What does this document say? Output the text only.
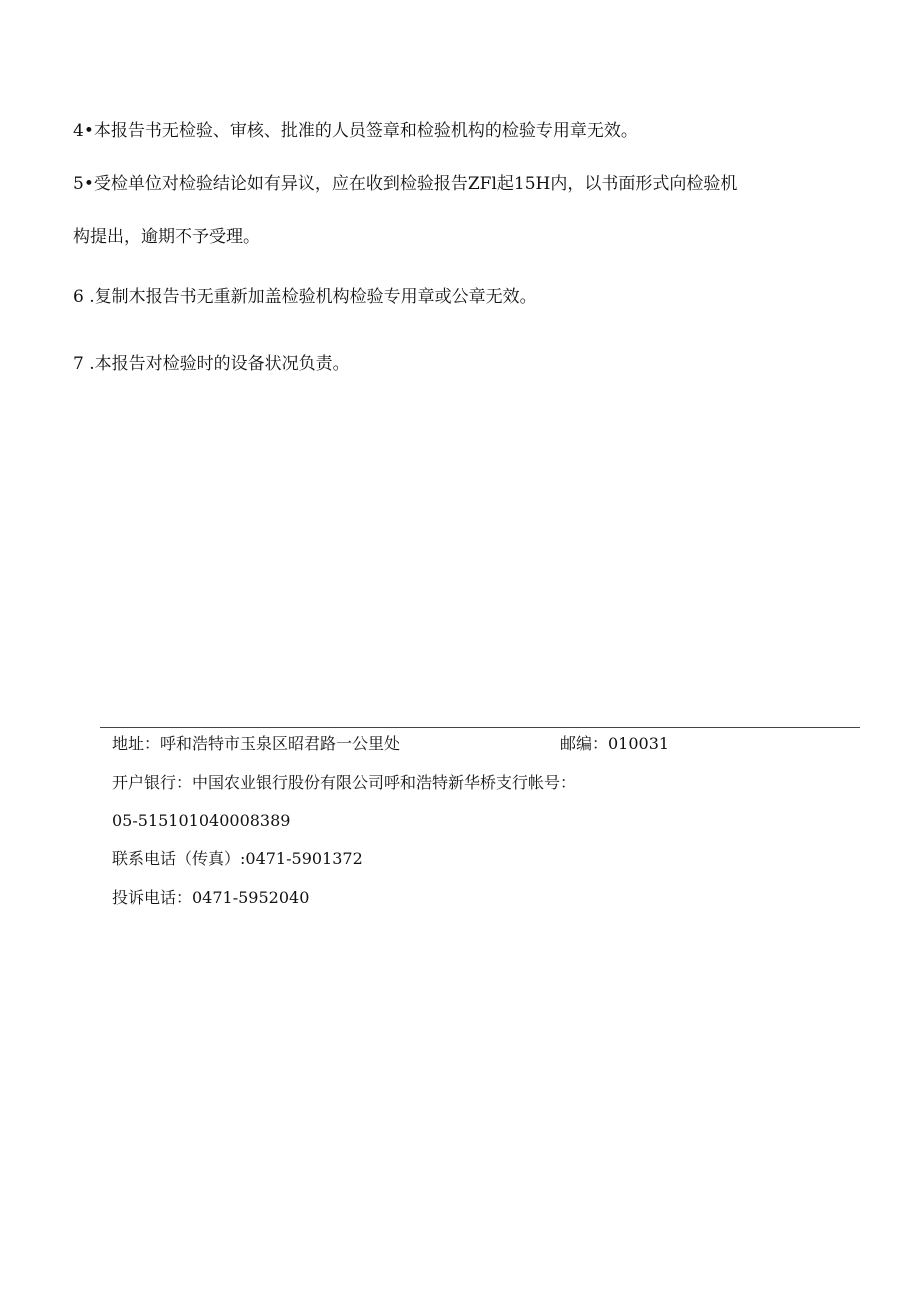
4•本报告书无检验、审核、批准的人员签章和检验机构的检验专用章无效。
5•受检单位对检验结论如有异议，应在收到检验报告ZFl起15H内，以书面形式向检验机
构提出，逾期不予受理。
6 .复制木报告书无重新加盖检验机构检验专用章或公章无效。
7 .本报告对检验时的设备状况负责。
地址：呼和浩特市玉泉区昭君路一公里处	邮编：010031
开户银行：中国农业银行股份有限公司呼和浩特新华桥支行帐号：
05-515101040008389
联系电话（传真）:0471-5901372
投诉电话：0471-5952040
